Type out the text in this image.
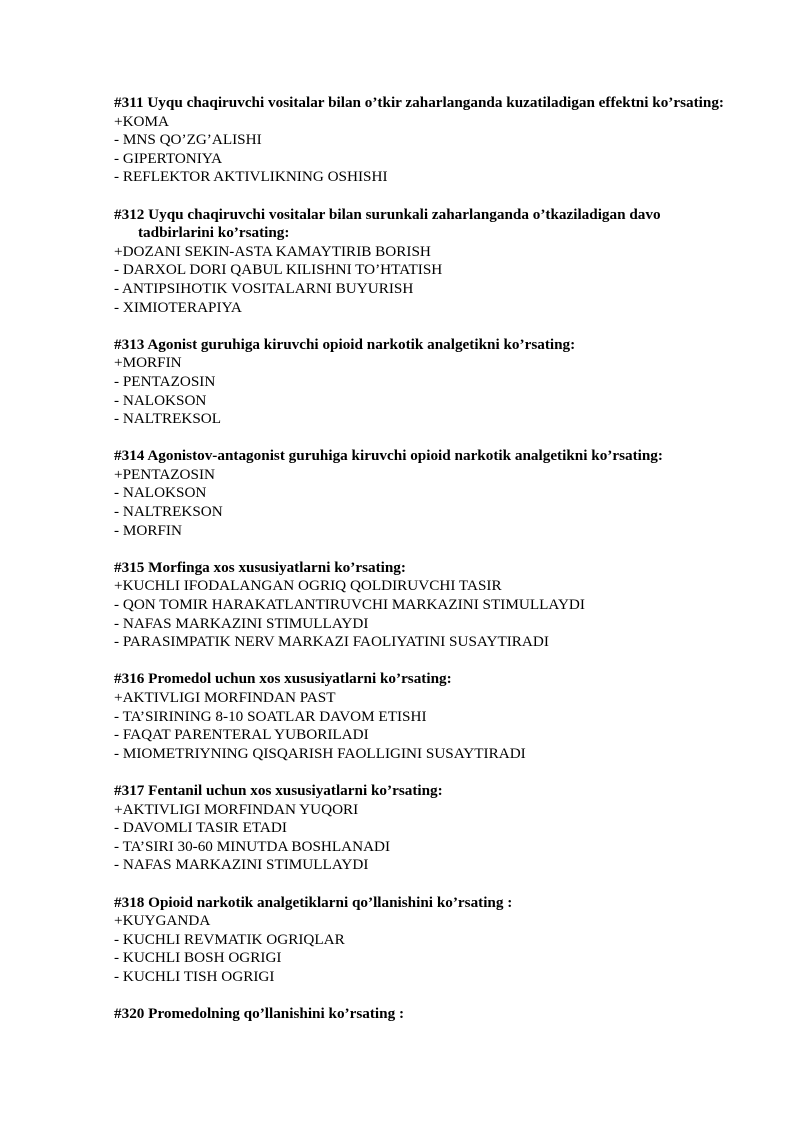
#311 Uyqu chaqiruvchi vositalar bilan o’tkir zaharlanganda kuzatiladigan effektni ko’rsating:
+KOMA
- MNS QO’ZG’ALISHI
- GIPERTONIYA
- REFLEKTOR AKTIVLIKNING OSHISHI
#312 Uyqu chaqiruvchi vositalar bilan surunkali zaharlanganda o’tkaziladigan davo tadbirlarini ko’rsating:
+DOZANI SEKIN-ASTA KAMAYTIRIB BORISH
- DARXOL DORI QABUL KILISHNI TO’HTATISH
- ANTIPSIHOTIK VOSITALARNI BUYURISH
- XIMIOTERAPIYA
#313 Agonist guruhiga kiruvchi opioid narkotik analgetikni ko’rsating:
+MORFIN
- PENTAZOSIN
- NALOKSON
- NALTREKSOL
#314 Agonistov-antagonist guruhiga kiruvchi opioid narkotik analgetikni ko’rsating:
+PENTAZOSIN
- NALOKSON
- NALTREKSON
- MORFIN
#315 Morfinga xos xususiyatlarni ko’rsating:
+KUCHLI IFODALANGAN OGRIQ QOLDIRUVCHI TASIR
- QON TOMIR HARAKATLANTIRUVCHI MARKAZINI STIMULLAYDI
- NAFAS MARKAZINI STIMULLAYDI
- PARASIMPATIK NERV MARKAZI FAOLIYATINI SUSAYTIRADI
#316 Promedol uchun xos xususiyatlarni ko’rsating:
+AKTIVLIGI MORFINDAN PAST
- TA’SIRINING 8-10 SOATLAR DAVOM ETISHI
- FAQAT PARENTERAL YUBORILADI
- MIOMETRIYNING QISQARISH FAOLLIGINI SUSAYTIRADI
#317 Fentanil uchun xos xususiyatlarni ko’rsating:
+AKTIVLIGI MORFINDAN YUQORI
- DAVOMLI TASIR ETADI
- TA’SIRI 30-60 MINUTDA BOSHLANADI
- NAFAS MARKAZINI STIMULLAYDI
#318 Opioid narkotik analgetiklarni qo’llanishini ko’rsating :
+KUYGANDA
- KUCHLI REVMATIK OGRIQLAR
- KUCHLI BOSH OGRIGI
- KUCHLI TISH OGRIGI
#320 Promedolning qo’llanishini ko’rsating :
